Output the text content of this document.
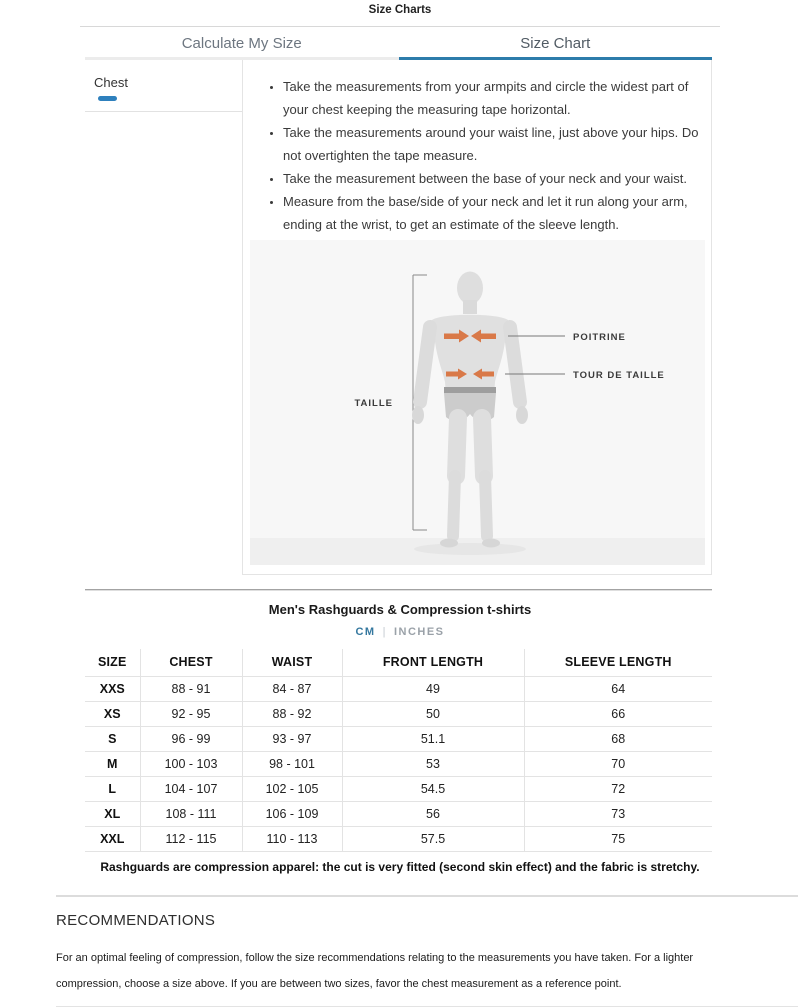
Size Charts
Calculate My Size	Size Chart
Chest	• Take the measurements from your armpits and circle the widest part of your chest keeping the measuring tape horizontal.
• Take the measurements around your waist line, just above your hips. Do not overtighten the tape measure.
• Take the measurement between the base of your neck and your waist.
• Measure from the base/side of your neck and let it run along your arm, ending at the wrist, to get an estimate of the sleeve length.
POITRINE
TOUR DE TAILLE
TAILLE
Men's Rashguards & Compression t-shirts
CM | INCHES
SIZE	CHEST	WAIST	FRONT LENGTH	SLEEVE LENGTH
XXS	88 - 91	84 - 87	49	64
XS	92 - 95	88 - 92	50	66
S	96 - 99	93 - 97	51.1	68
M	100 - 103	98 - 101	53	70
L	104 - 107	102 - 105	54.5	72
XL	108 - 111	106 - 109	56	73
XXL	112 - 115	110 - 113	57.5	75
Rashguards are compression apparel: the cut is very fitted (second skin effect) and the fabric is stretchy.
RECOMMENDATIONS
For an optimal feeling of compression, follow the size recommendations relating to the measurements you have taken. For a lighter compression, choose a size above. If you are between two sizes, favor the chest measurement as a reference point.
